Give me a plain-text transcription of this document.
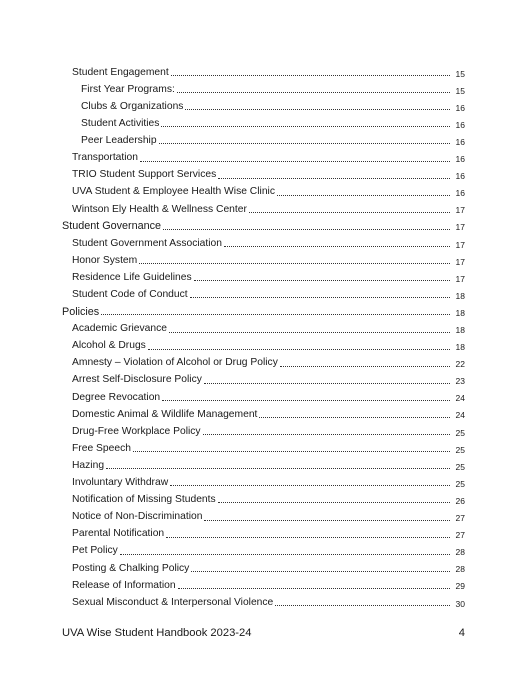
Student Engagement	15
First Year Programs:	15
Clubs & Organizations	16
Student Activities	16
Peer Leadership	16
Transportation	16
TRIO Student Support Services	16
UVA Student & Employee Health Wise Clinic	16
Wintson Ely Health & Wellness Center	17
Student Governance	17
Student Government Association	17
Honor System	17
Residence Life Guidelines	17
Student Code of Conduct	18
Policies	18
Academic Grievance	18
Alcohol & Drugs	18
Amnesty – Violation of Alcohol or Drug Policy	22
Arrest Self-Disclosure Policy	23
Degree Revocation	24
Domestic Animal & Wildlife Management	24
Drug-Free Workplace Policy	25
Free Speech	25
Hazing	25
Involuntary Withdraw	25
Notification of Missing Students	26
Notice of Non-Discrimination	27
Parental Notification	27
Pet Policy	28
Posting & Chalking Policy	28
Release of Information	29
Sexual Misconduct & Interpersonal Violence	30
UVA Wise Student Handbook 2023-24	4
